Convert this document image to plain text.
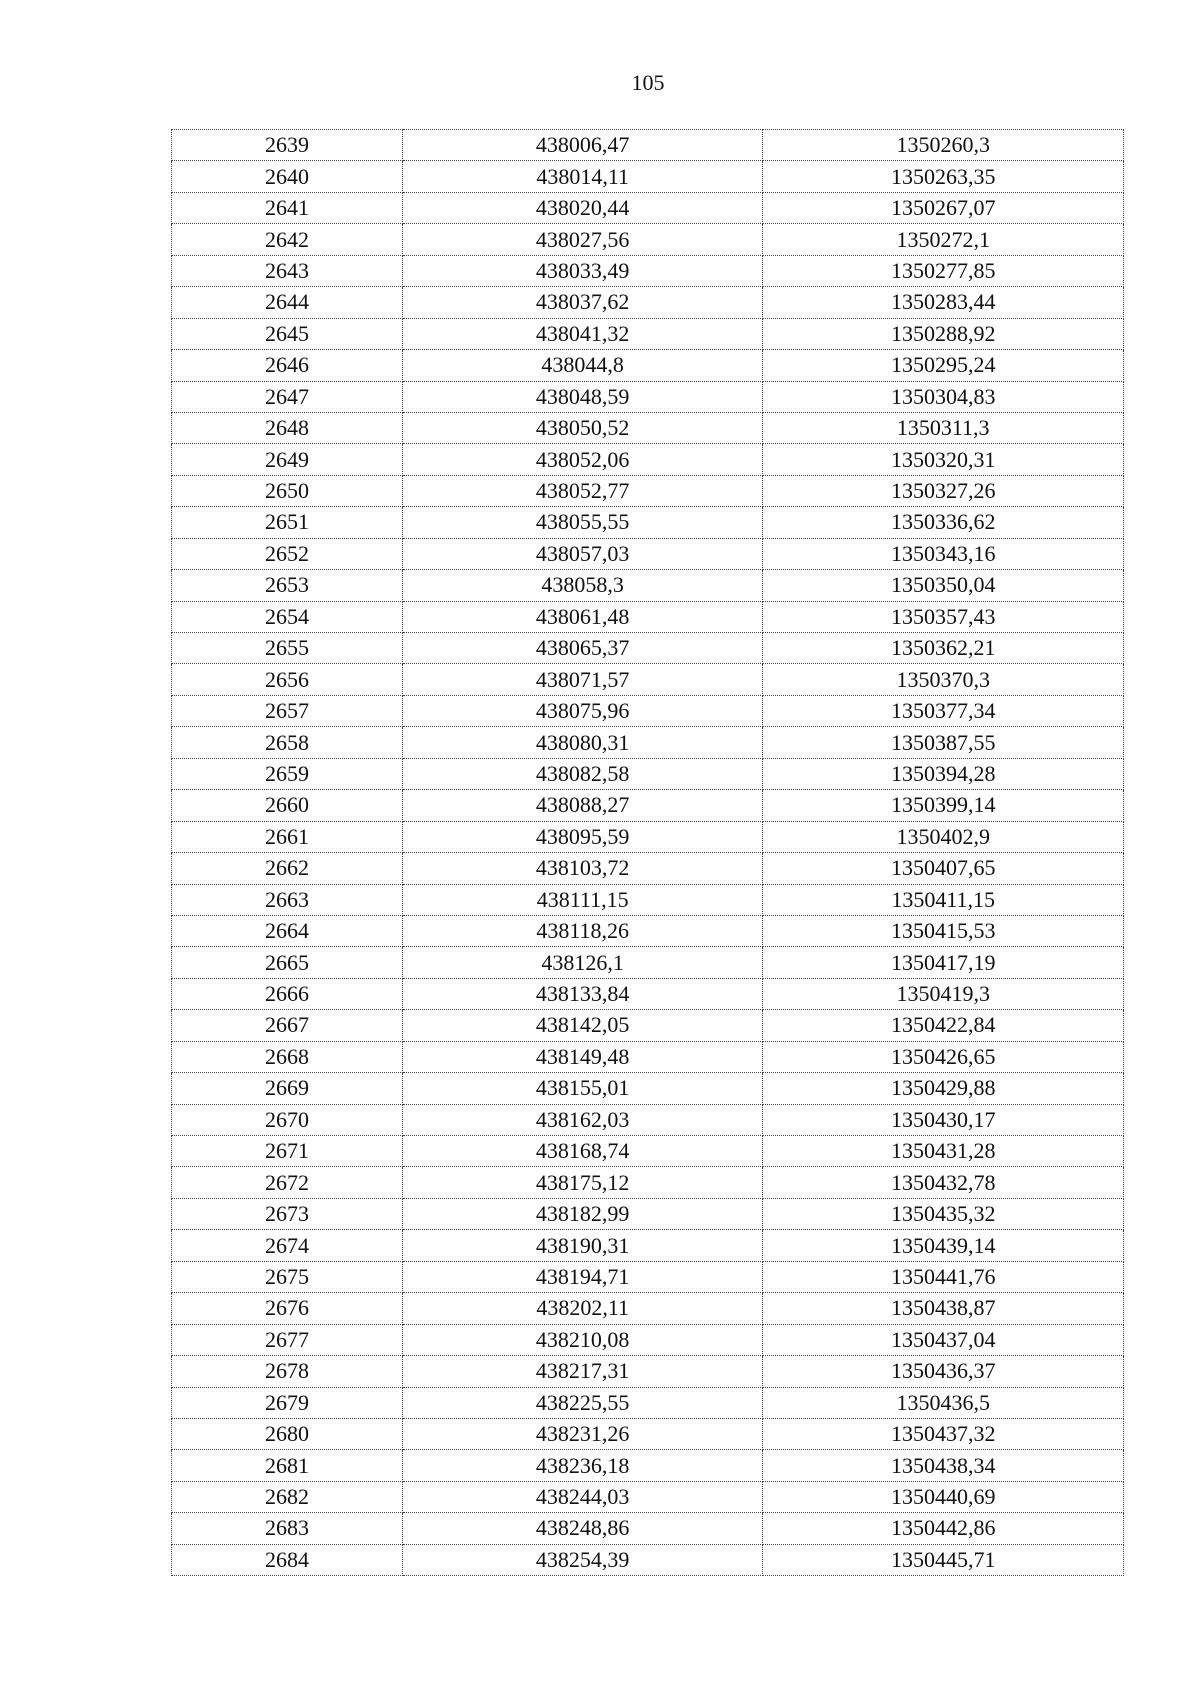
105
2639	438006,47	1350260,3
2640	438014,11	1350263,35
2641	438020,44	1350267,07
2642	438027,56	1350272,1
2643	438033,49	1350277,85
2644	438037,62	1350283,44
2645	438041,32	1350288,92
2646	438044,8	1350295,24
2647	438048,59	1350304,83
2648	438050,52	1350311,3
2649	438052,06	1350320,31
2650	438052,77	1350327,26
2651	438055,55	1350336,62
2652	438057,03	1350343,16
2653	438058,3	1350350,04
2654	438061,48	1350357,43
2655	438065,37	1350362,21
2656	438071,57	1350370,3
2657	438075,96	1350377,34
2658	438080,31	1350387,55
2659	438082,58	1350394,28
2660	438088,27	1350399,14
2661	438095,59	1350402,9
2662	438103,72	1350407,65
2663	438111,15	1350411,15
2664	438118,26	1350415,53
2665	438126,1	1350417,19
2666	438133,84	1350419,3
2667	438142,05	1350422,84
2668	438149,48	1350426,65
2669	438155,01	1350429,88
2670	438162,03	1350430,17
2671	438168,74	1350431,28
2672	438175,12	1350432,78
2673	438182,99	1350435,32
2674	438190,31	1350439,14
2675	438194,71	1350441,76
2676	438202,11	1350438,87
2677	438210,08	1350437,04
2678	438217,31	1350436,37
2679	438225,55	1350436,5
2680	438231,26	1350437,32
2681	438236,18	1350438,34
2682	438244,03	1350440,69
2683	438248,86	1350442,86
2684	438254,39	1350445,71
